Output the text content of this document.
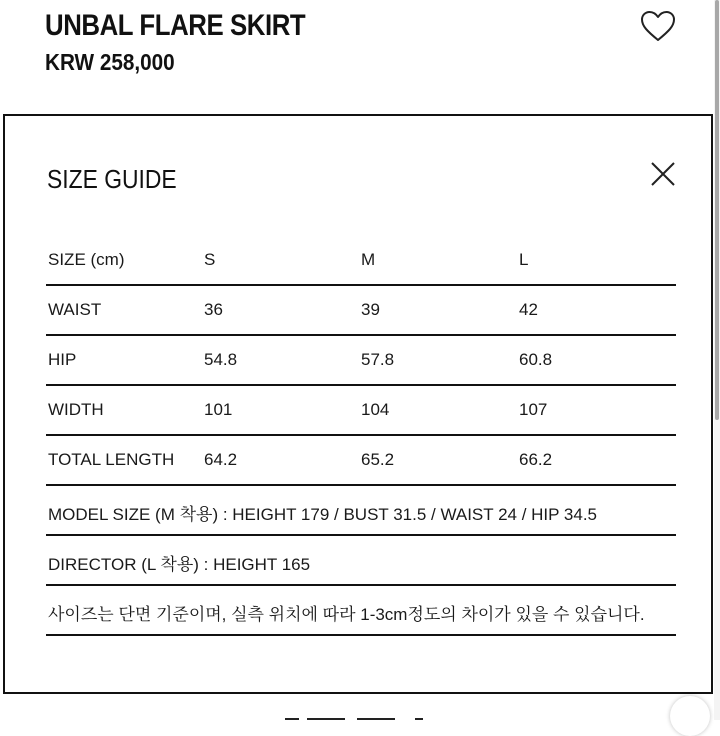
UNBAL FLARE SKIRT
KRW 258,000
SIZE GUIDE
SIZE (cm)	S	M	L
WAIST	36	39	42
HIP	54.8	57.8	60.8
WIDTH	101	104	107
TOTAL LENGTH 64.2	65.2	66.2
MODEL SIZE (M 착용) : HEIGHT 179 / BUST 31.5 / WAIST 24 / HIP 34.5
DIRECTOR (L 착용) : HEIGHT 165
사이즈는 단면 기준이며, 실측 위치에 따라 1-3cm정도의 차이가 있을 수 있습니다.
